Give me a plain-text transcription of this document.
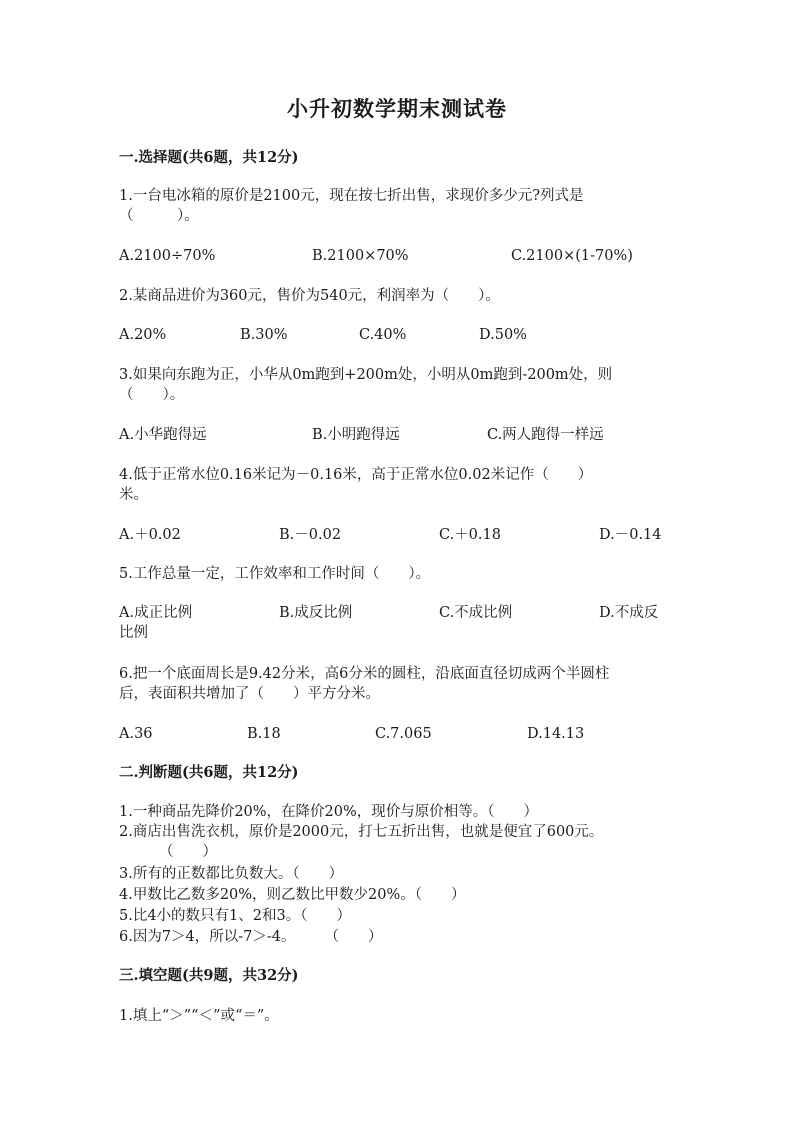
小升初数学期末测试卷
一.选择题(共6题，共12分)
1.一台电冰箱的原价是2100元，现在按七折出售，求现价多少元?列式是
（　　　）。
A.2100÷70%	B.2100×70%	C.2100×(1-70%)
2.某商品进价为360元，售价为540元，利润率为（　　）。
A.20%	B.30%	C.40%	D.50%
3.如果向东跑为正，小华从0m跑到+200m处，小明从0m跑到-200m处，则
（　　）。
A.小华跑得远	B.小明跑得远	C.两人跑得一样远
4.低于正常水位0.16米记为－0.16米，高于正常水位0.02米记作（　　）
米。
A.＋0.02	B.－0.02	C.＋0.18	D.－0.14
5.工作总量一定，工作效率和工作时间（　　）。
A.成正比例	B.成反比例	C.不成比例	D.不成反
比例
6.把一个底面周长是9.42分米，高6分米的圆柱，沿底面直径切成两个半圆柱
后，表面积共增加了（　　）平方分米。
A.36	B.18	C.7.065	D.14.13
二.判断题(共6题，共12分)
1.一种商品先降价20%，在降价20%，现价与原价相等。（　　）
2.商店出售洗衣机，原价是2000元，打七五折出售，也就是便宜了600元。
（　　）
3.所有的正数都比负数大。（　　）
4.甲数比乙数多20%，则乙数比甲数少20%。（　　）
5.比4小的数只有1、2和3。（　　）
6.因为7＞4，所以-7＞-4。　　　（　　）
三.填空题(共9题，共32分)
1.填上“＞”“＜”或“＝”。
